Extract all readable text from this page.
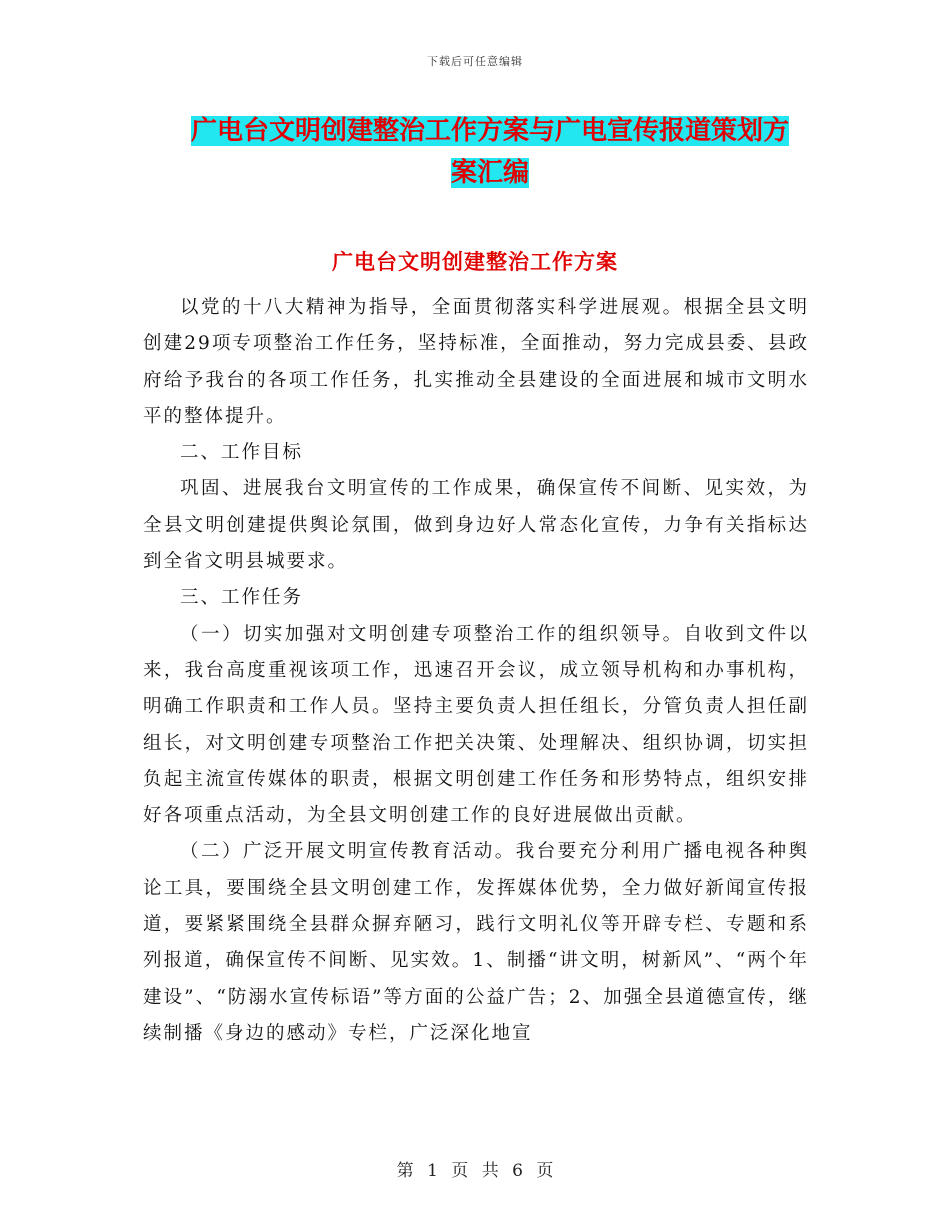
下载后可任意编辑
广电台文明创建整治工作方案与广电宣传报道策划方
案汇编
广电台文明创建整治工作方案

以党的十八大精神为指导，全面贯彻落实科学进展观。根据全县文明创建29项专项整治工作任务，坚持标准，全面推动，努力完成县委、县政府给予我台的各项工作任务，扎实推动全县建设的全面进展和城市文明水平的整体提升。

二、工作目标

巩固、进展我台文明宣传的工作成果，确保宣传不间断、见实效，为全县文明创建提供舆论氛围，做到身边好人常态化宣传，力争有关指标达到全省文明县城要求。

三、工作任务

（一）切实加强对文明创建专项整治工作的组织领导。自收到文件以来，我台高度重视该项工作，迅速召开会议，成立领导机构和办事机构，明确工作职责和工作人员。坚持主要负责人担任组长，分管负责人担任副组长，对文明创建专项整治工作把关决策、处理解决、组织协调，切实担负起主流宣传媒体的职责，根据文明创建工作任务和形势特点，组织安排好各项重点活动，为全县文明创建工作的良好进展做出贡献。

（二）广泛开展文明宣传教育活动。我台要充分利用广播电视各种舆论工具，要围绕全县文明创建工作，发挥媒体优势，全力做好新闻宣传报道，要紧紧围绕全县群众摒弃陋习，践行文明礼仪等开辟专栏、专题和系列报道，确保宣传不间断、见实效。1、制播“讲文明，树新风”、“两个年建设”、“防溺水宣传标语”等方面的公益广告；2、加强全县道德宣传，继续制播《身边的感动》专栏，广泛深化地宣

第 1 页 共 6 页
